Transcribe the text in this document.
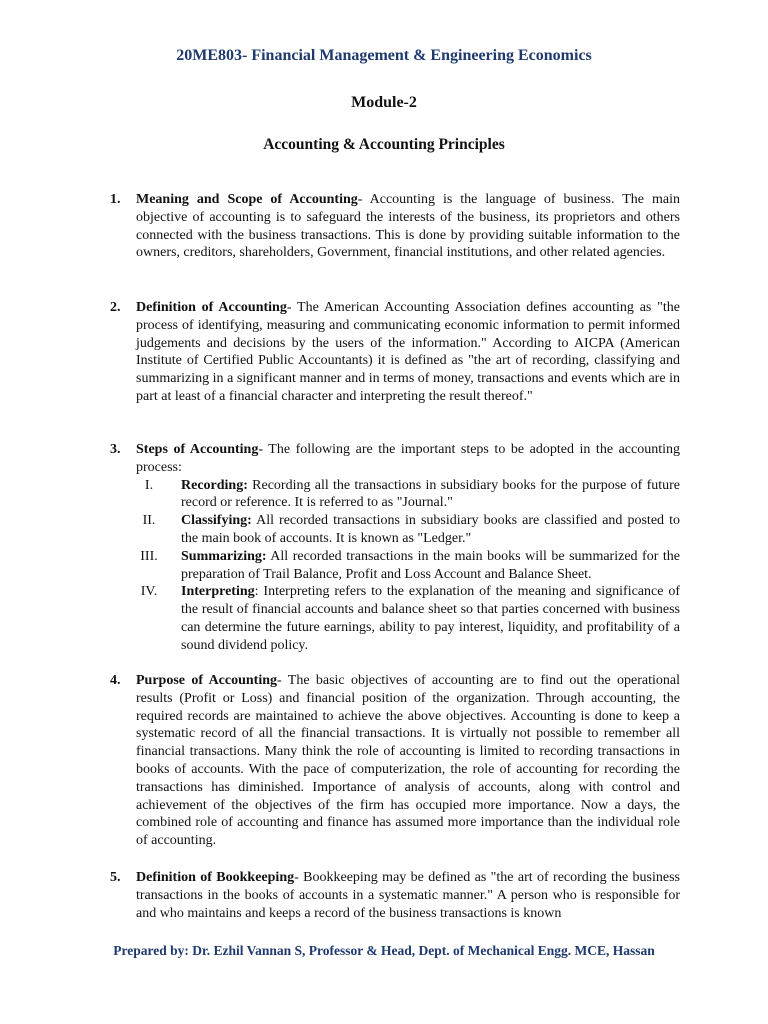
20ME803- Financial Management & Engineering Economics
Module-2
Accounting & Accounting Principles
1. Meaning and Scope of Accounting- Accounting is the language of business. The main objective of accounting is to safeguard the interests of the business, its proprietors and others connected with the business transactions. This is done by providing suitable information to the owners, creditors, shareholders, Government, financial institutions, and other related agencies.
2. Definition of Accounting- The American Accounting Association defines accounting as "the process of identifying, measuring and communicating economic information to permit informed judgements and decisions by the users of the information." According to AICPA (American Institute of Certified Public Accountants) it is defined as "the art of recording, classifying and summarizing in a significant manner and in terms of money, transactions and events which are in part at least of a financial character and interpreting the result thereof."
3. Steps of Accounting- The following are the important steps to be adopted in the accounting process:
I.	Recording: Recording all the transactions in subsidiary books for the purpose of future record or reference. It is referred to as "Journal."
II.	Classifying: All recorded transactions in subsidiary books are classified and posted to the main book of accounts. It is known as "Ledger."
III.	Summarizing: All recorded transactions in the main books will be summarized for the preparation of Trail Balance, Profit and Loss Account and Balance Sheet.
IV.	Interpreting: Interpreting refers to the explanation of the meaning and significance of the result of financial accounts and balance sheet so that parties concerned with business can determine the future earnings, ability to pay interest, liquidity, and profitability of a sound dividend policy.
4. Purpose of Accounting- The basic objectives of accounting are to find out the operational results (Profit or Loss) and financial position of the organization. Through accounting, the required records are maintained to achieve the above objectives. Accounting is done to keep a systematic record of all the financial transactions. It is virtually not possible to remember all financial transactions. Many think the role of accounting is limited to recording transactions in books of accounts. With the pace of computerization, the role of accounting for recording the transactions has diminished. Importance of analysis of accounts, along with control and achievement of the objectives of the firm has occupied more importance. Now a days, the combined role of accounting and finance has assumed more importance than the individual role of accounting.
5. Definition of Bookkeeping- Bookkeeping may be defined as "the art of recording the business transactions in the books of accounts in a systematic manner." A person who is responsible for and who maintains and keeps a record of the business transactions is known
Prepared by: Dr. Ezhil Vannan S, Professor & Head, Dept. of Mechanical Engg. MCE, Hassan
